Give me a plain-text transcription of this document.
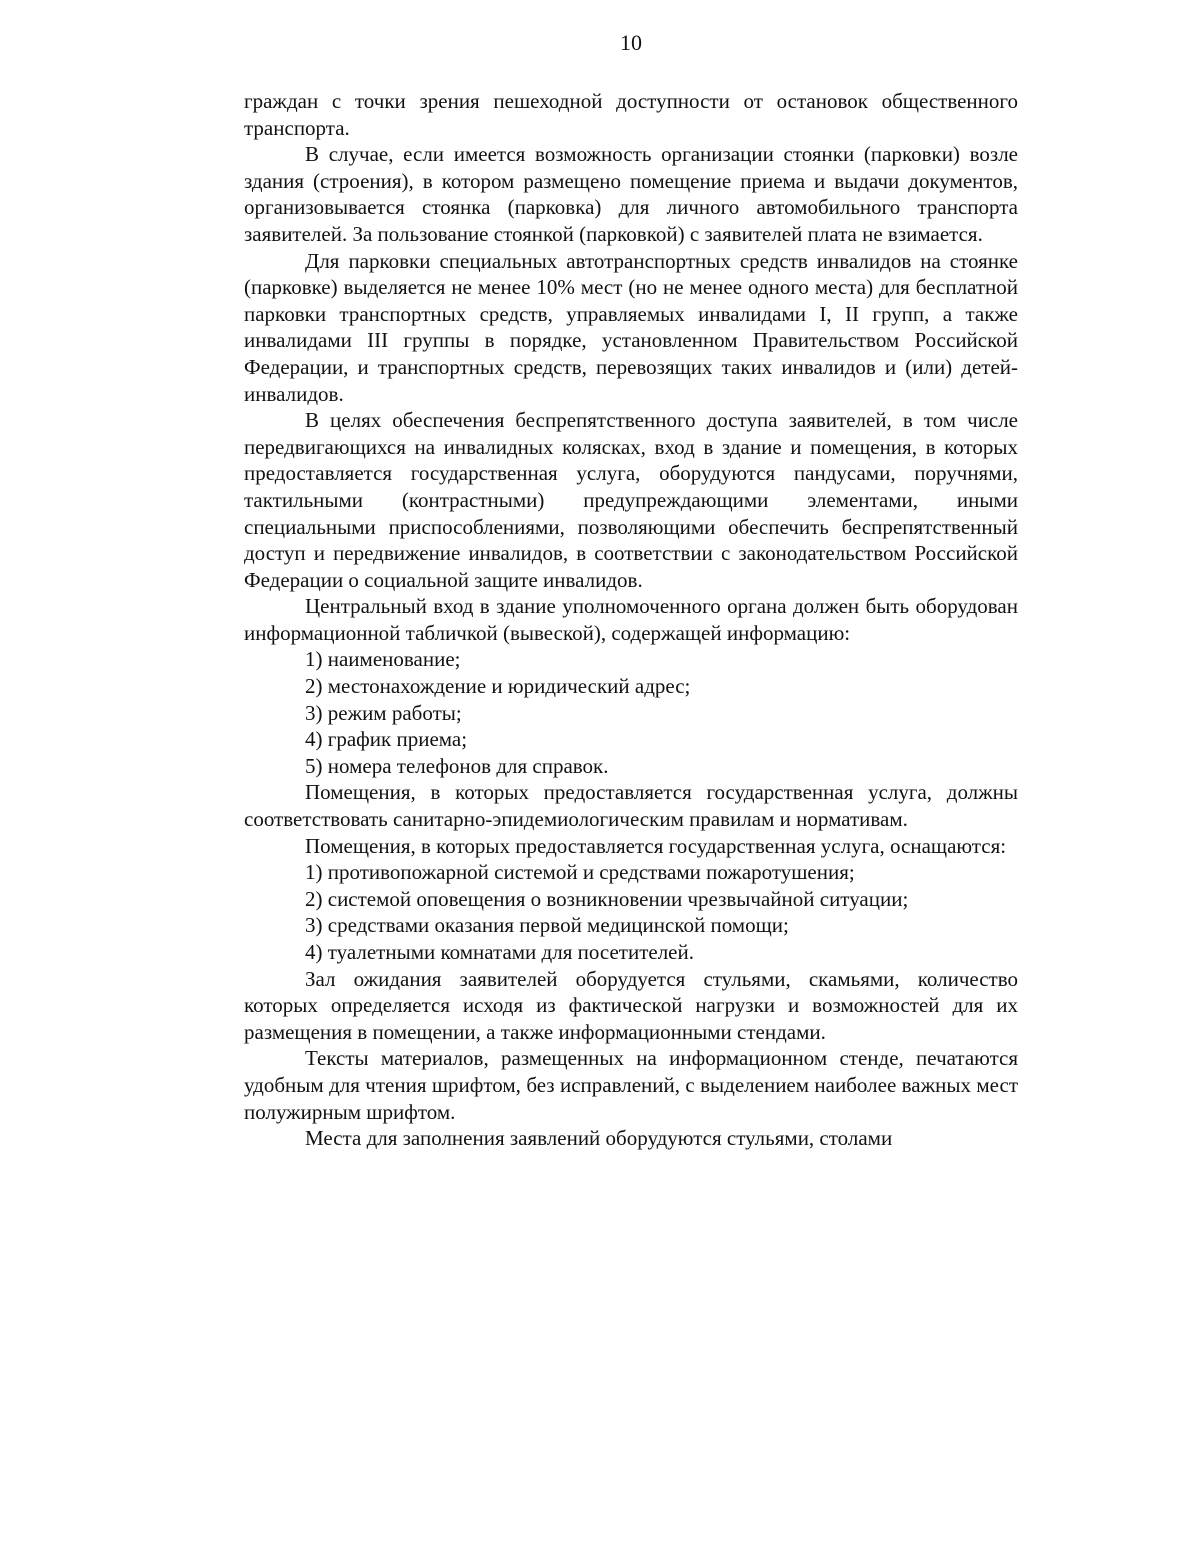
10

граждан с точки зрения пешеходной доступности от остановок общественного транспорта.

В случае, если имеется возможность организации стоянки (парковки) возле здания (строения), в котором размещено помещение приема и выдачи документов, организовывается стоянка (парковка) для личного автомобильного транспорта заявителей. За пользование стоянкой (парковкой) с заявителей плата не взимается.

Для парковки специальных автотранспортных средств инвалидов на стоянке (парковке) выделяется не менее 10% мест (но не менее одного места) для бесплатной парковки транспортных средств, управляемых инвалидами I, II групп, а также инвалидами III группы в порядке, установленном Правительством Российской Федерации, и транспортных средств, перевозящих таких инвалидов и (или) детей-инвалидов.

В целях обеспечения беспрепятственного доступа заявителей, в том числе передвигающихся на инвалидных колясках, вход в здание и помещения, в которых предоставляется государственная услуга, оборудуются пандусами, поручнями, тактильными (контрастными) предупреждающими элементами, иными специальными приспособлениями, позволяющими обеспечить беспрепятственный доступ и передвижение инвалидов, в соответствии с законодательством Российской Федерации о социальной защите инвалидов.

Центральный вход в здание уполномоченного органа должен быть оборудован информационной табличкой (вывеской), содержащей информацию:

1) наименование;

2) местонахождение и юридический адрес;

3) режим работы;

4) график приема;

5) номера телефонов для справок.

Помещения, в которых предоставляется государственная услуга, должны соответствовать санитарно-эпидемиологическим правилам и нормативам.

Помещения, в которых предоставляется государственная услуга, оснащаются:

1) противопожарной системой и средствами пожаротушения;

2) системой оповещения о возникновении чрезвычайной ситуации;

3) средствами оказания первой медицинской помощи;

4) туалетными комнатами для посетителей.

Зал ожидания заявителей оборудуется стульями, скамьями, количество которых определяется исходя из фактической нагрузки и возможностей для их размещения в помещении, а также информационными стендами.

Тексты материалов, размещенных на информационном стенде, печатаются удобным для чтения шрифтом, без исправлений, с выделением наиболее важных мест полужирным шрифтом.

Места для заполнения заявлений оборудуются стульями, столами
